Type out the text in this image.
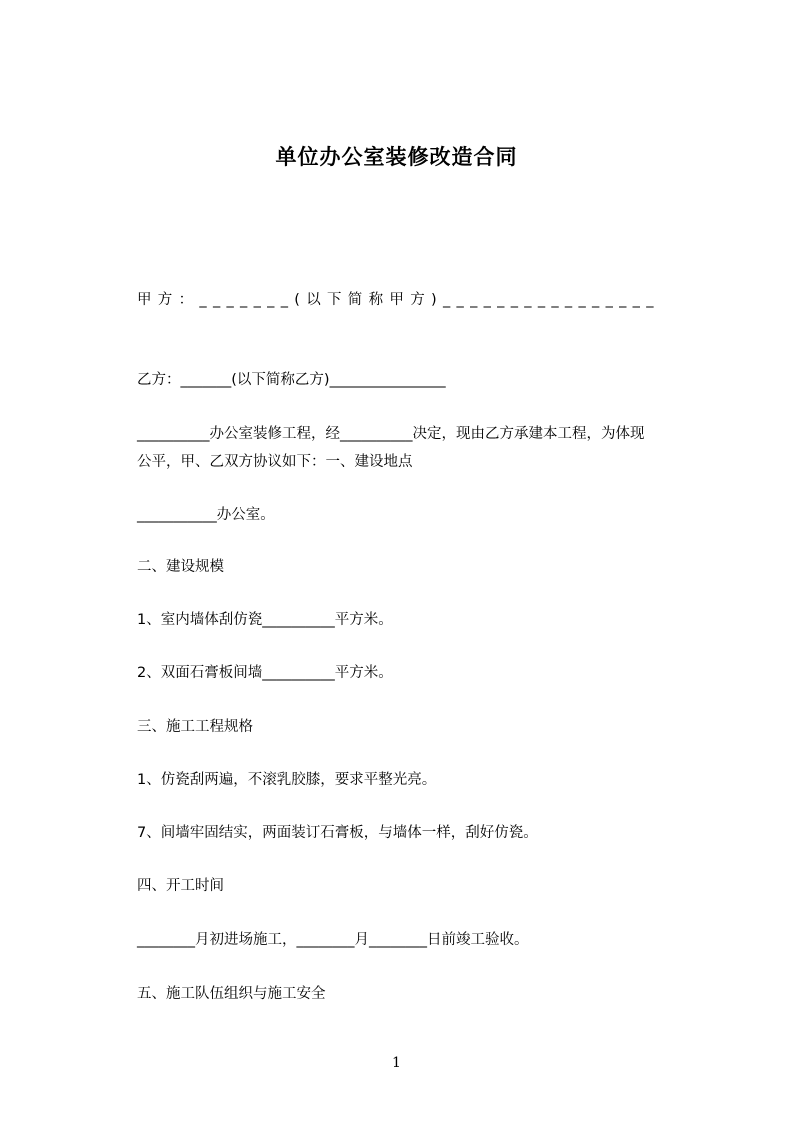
单位办公室装修改造合同
甲方：_______(以下简称甲方)________________
乙方：_______(以下简称乙方)________________
__________办公室装修工程，经__________决定，现由乙方承建本工程，为体现
公平，甲、乙双方协议如下：一、建设地点
___________办公室。
二、建设规模
1、室内墙体刮仿瓷__________平方米。
2、双面石膏板间墙__________平方米。
三、施工工程规格
1、仿瓷刮两遍，不滚乳胶膝，要求平整光亮。
7、间墙牢固结实，两面装订石膏板，与墙体一样，刮好仿瓷。
四、开工时间
________月初进场施工，________月________日前竣工验收。
五、施工队伍组织与施工安全
1
